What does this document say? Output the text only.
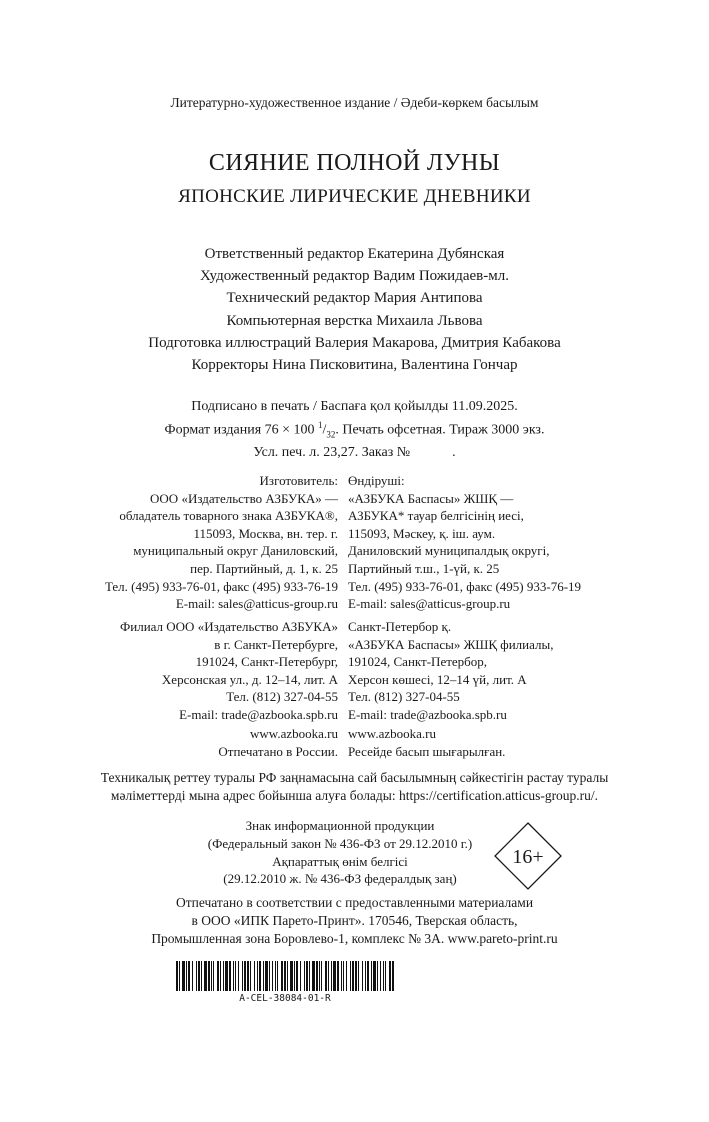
Литературно-художественное издание / Әдеби-көркем басылым
СИЯНИЕ ПОЛНОЙ ЛУНЫ
ЯПОНСКИЕ ЛИРИЧЕСКИЕ ДНЕВНИКИ
Ответственный редактор Екатерина Дубянская
Художественный редактор Вадим Пожидаев-мл.
Технический редактор Мария Антипова
Компьютерная верстка Михаила Львова
Подготовка иллюстраций Валерия Макарова, Дмитрия Кабакова
Корректоры Нина Писковитина, Валентина Гончар
Подписано в печать / Баспаға қол қойылды 11.09.2025.
Формат издания 76 × 100 $^1/_{32}$. Печать офсетная. Тираж 3000 экз.
Усл. печ. л. 23,27. Заказ №	.
Изготовитель:
ООО «Издательство АЗБУКА» —
обладатель товарного знака АЗБУКА®,
115093, Москва, вн. тер. г.
муниципальный округ Даниловский,
пер. Партийный, д. 1, к. 25
Тел. (495) 933-76-01, факс (495) 933-76-19
E-mail: sales@atticus-group.ru
Өндіруші:
«АЗБУКА Баспасы» ЖШҚ —
АЗБУКА* тауар белгісінің иесі,
115093, Мәскеу, қ. іш. аум.
Даниловский муниципалдық округі,
Партийный т.ш., 1-үй, к. 25
Тел. (495) 933-76-01, факс (495) 933-76-19
E-mail: sales@atticus-group.ru
Филиал ООО «Издательство АЗБУКА»
в г. Санкт-Петербурге,
191024, Санкт-Петербург,
Херсонская ул., д. 12–14, лит. А
Тел. (812) 327-04-55
E-mail: trade@azbooka.spb.ru
Санкт-Петербор қ.
«АЗБУКА Баспасы» ЖШҚ филиалы,
191024, Санкт-Петербор,
Херсон көшесі, 12–14 үй, лит. А
Тел. (812) 327-04-55
E-mail: trade@azbooka.spb.ru
www.azbooka.ru
Отпечатано в России.
www.azbooka.ru
Ресейде басып шығарылған.
Техникалық реттеу туралы РФ заңнамасына сай басылымның сәйкестігін растау туралы
мәліметтерді мына адрес бойынша алуға болады: https://certification.atticus-group.ru/.
Знак информационной продукции
(Федеральный закон № 436-ФЗ от 29.12.2010 г.)
Ақпараттық өнім белгісі
(29.12.2010 ж. № 436-ФЗ федералдық заң)
16+
Отпечатано в соответствии с предоставленными материалами
в ООО «ИПК Парето-Принт». 170546, Тверская область,
Промышленная зона Боровлево-1, комплекс № 3А. www.pareto-print.ru
A-CEL-38084-01-R
